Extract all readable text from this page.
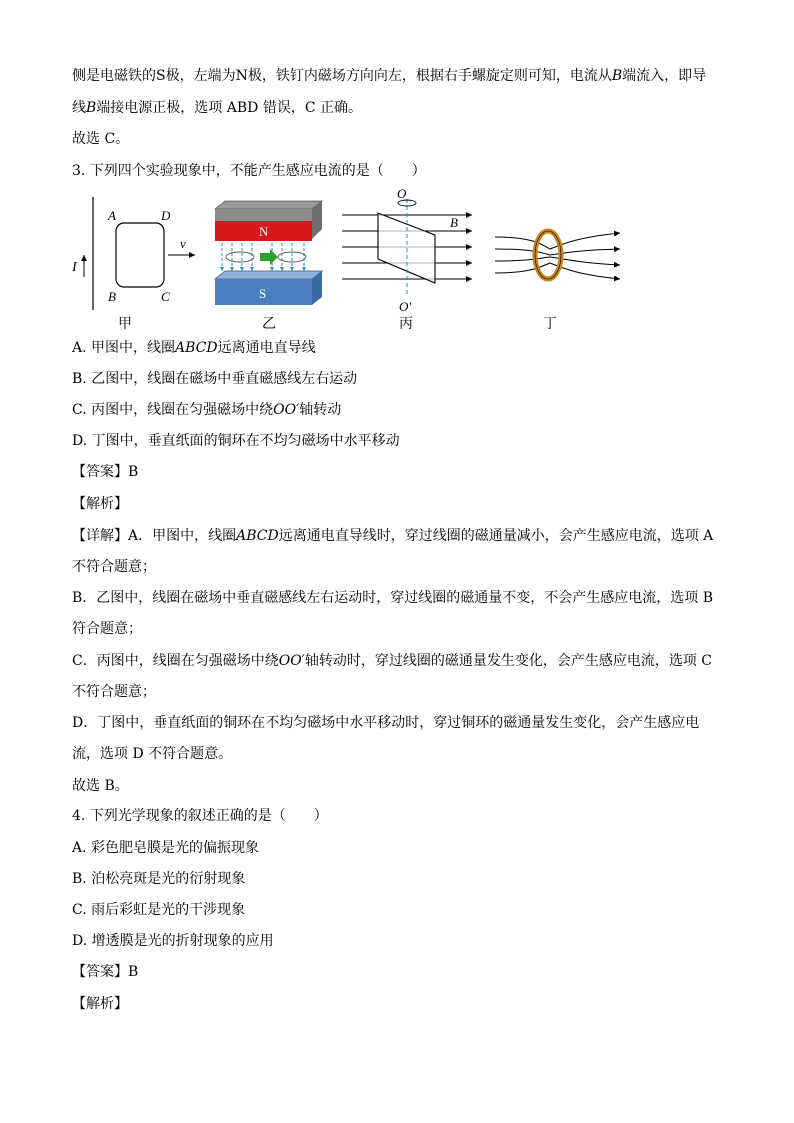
侧是电磁铁的S极，左端为N极，铁钉内磁场方向向左，根据右手螺旋定则可知，电流从B端流入，即导
线B端接电源正极，选项 ABD 错误，C 正确。
故选 C。
3. 下列四个实验现象中，不能产生感应电流的是（　　）
I
A	D
B	C
v
N
S
B
O
O′
甲	乙	丙	丁
A. 甲图中，线圈ABCD远离通电直导线
B. 乙图中，线圈在磁场中垂直磁感线左右运动
C. 丙图中，线圈在匀强磁场中绕OO′轴转动
D. 丁图中，垂直纸面的铜环在不均匀磁场中水平移动
【答案】B
【解析】
【详解】A．甲图中，线圈ABCD远离通电直导线时，穿过线圈的磁通量减小，会产生感应电流，选项 A
不符合题意；
B．乙图中，线圈在磁场中垂直磁感线左右运动时，穿过线圈的磁通量不变，不会产生感应电流，选项 B
符合题意；
C．丙图中，线圈在匀强磁场中绕OO′轴转动时，穿过线圈的磁通量发生变化，会产生感应电流，选项 C
不符合题意；
D．丁图中，垂直纸面的铜环在不均匀磁场中水平移动时，穿过铜环的磁通量发生变化，会产生感应电
流，选项 D 不符合题意。
故选 B。
4. 下列光学现象的叙述正确的是（　　）
A. 彩色肥皂膜是光的偏振现象
B. 泊松亮斑是光的衍射现象
C. 雨后彩虹是光的干涉现象
D. 增透膜是光的折射现象的应用
【答案】B
【解析】
